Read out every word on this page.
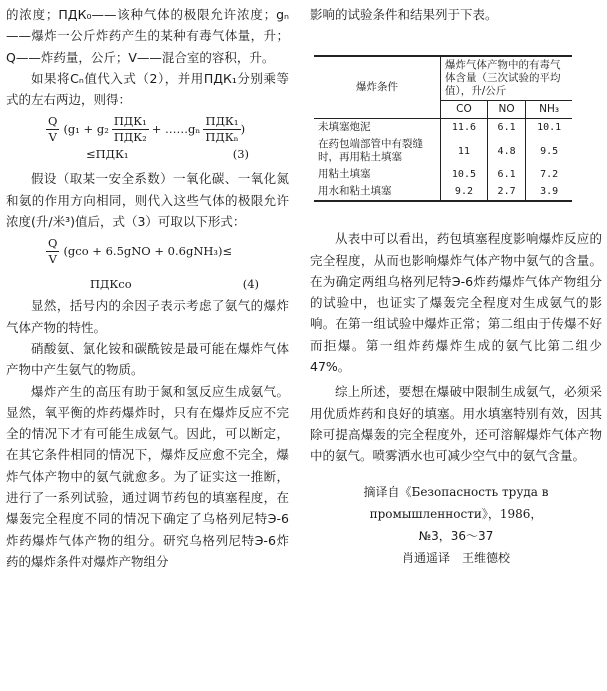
的浓度；ПДК₀——该种气体的极限允许浓度；gₙ——爆炸一公斤炸药产生的某种有毒气体量，升；Q——炸药量，公斤；V——混合室的容积，升。

如果将Cₙ值代入式（2），并用ПДК₁分别乘等式的左右两边，则得：

$\frac{Q}{V} (g_1 + g_2 \frac{\text{ПДК₁}}{\text{ПДК₂}}$ + ……gₙ $\frac{\text{ПДК₁}}{\text{ПДКₙ}}$ )
≤ПДК₁	(3)

假设（取某一安全系数）一氧化碳、一氧化氮和氨的作用方向相同，则代入这些气体的极限允许浓度(升/米³)值后，式（3）可取以下形式：

$\frac{Q}{V} (gco + 6.5gNO + 0.6gNH_3)\le$
ПДКco	(4)

显然，括号内的余因子表示考虑了氨气的爆炸气体产物的特性。

硝酸氨、氯化铵和碳酰铵是最可能在爆炸气体产物中产生氨气的物质。

爆炸产生的高压有助于氮和氢反应生成氨气。显然，氧平衡的炸药爆炸时，只有在爆炸反应不完全的情况下才有可能生成氨气。因此，可以断定，在其它条件相同的情况下，爆炸反应愈不完全，爆炸气体产物中的氨气就愈多。为了证实这一推断，进行了一系列试验，通过调节药包的填塞程度，在爆轰完全程度不同的情况下确定了乌格列尼特Э-6炸药爆炸气体产物的组分。研究乌格列尼特Э-6炸药的爆炸条件对爆炸产物组分

影响的试验条件和结果列于下表。

爆炸条件	爆炸气体产物中的有毒气体含量（三次试验的平均值），升/公斤		
	CO	NO	NH₃
未填塞炮泥	11.6	6.1	10.1
在药包端部管中有裂缝时，再用粘土填塞	11	4.8	9.5
用粘土填塞	10.5	6.1	7.2
用水和粘土填塞	9.2	2.7	3.9

从表中可以看出，药包填塞程度影响爆炸反应的完全程度，从而也影响爆炸气体产物中氨气的含量。在为确定两组乌格列尼特Э-6炸药爆炸气体产物组分的试验中，也证实了爆轰完全程度对生成氨气的影响。在第一组试验中爆炸正常；第二组由于传爆不好而拒爆。第一组炸药爆炸生成的氨气比第二组少47%。

综上所述，要想在爆破中限制生成氨气，必须采用优质炸药和良好的填塞。用水填塞特别有效，因其除可提高爆轰的完全程度外，还可溶解爆炸气体产物中的氨气。喷雾洒水也可减少空气中的氨气含量。

摘译自《Безопасность труда в
промышленности》，1986，
№3，36～37
肖通遥译　王维德校
